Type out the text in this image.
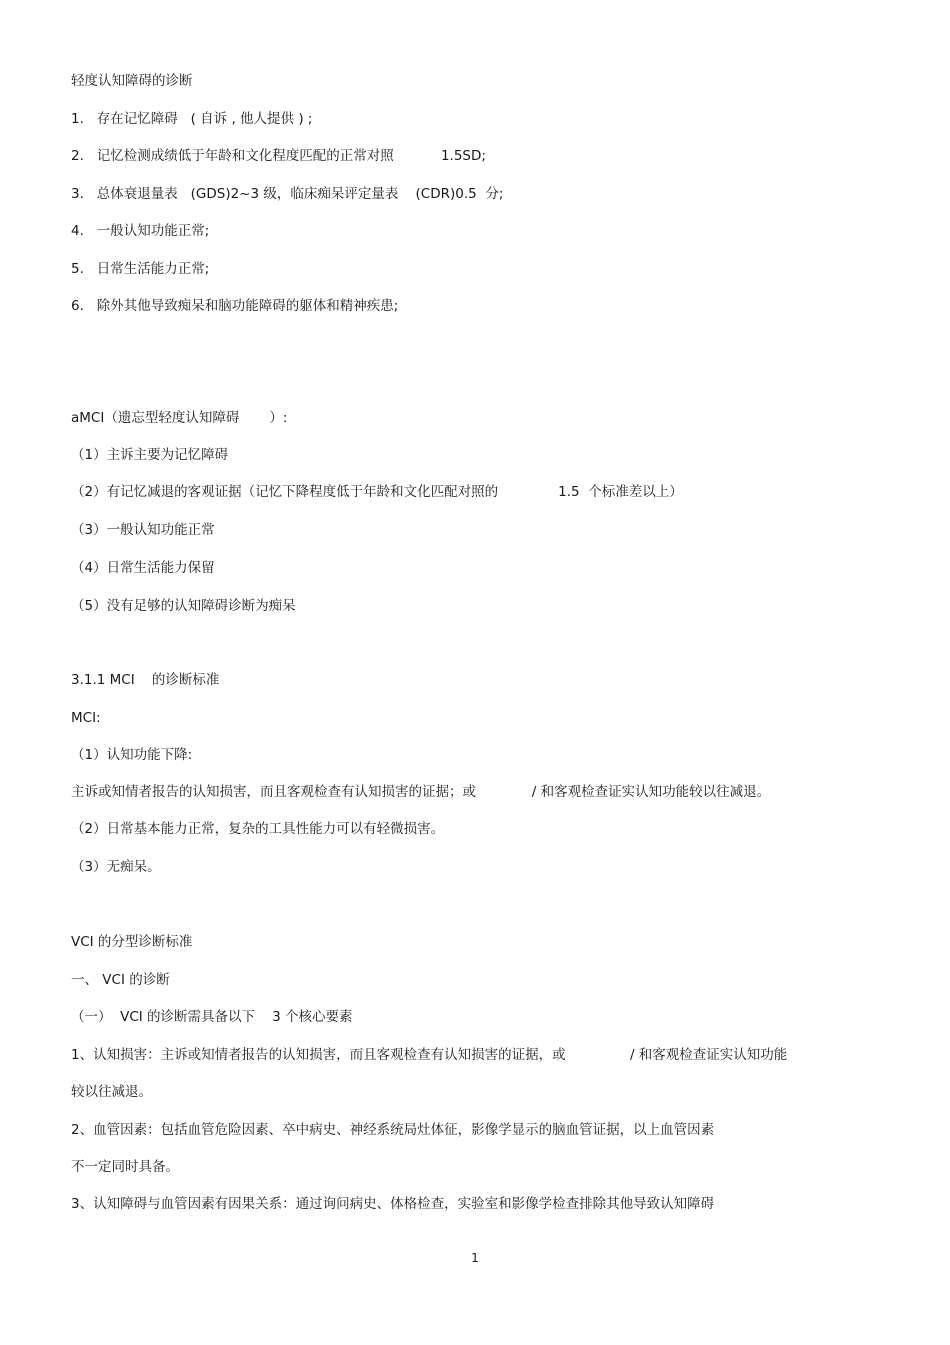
轻度认知障碍的诊断
1.   存在记忆障碍   ( 自诉 , 他人提供 ) ;
2.   记忆检测成绩低于年龄和文化程度匹配的正常对照           1.5SD;
3.   总体衰退量表   (GDS)2~3 级，临床痴呆评定量表    (CDR)0.5  分;
4.   一般认知功能正常;
5.   日常生活能力正常;
6.   除外其他导致痴呆和脑功能障碍的躯体和精神疾患;
aMCI（遗忘型轻度认知障碍       ）:
（1）主诉主要为记忆障碍
（2）有记忆减退的客观证据（记忆下降程度低于年龄和文化匹配对照的              1.5  个标准差以上）
（3）一般认知功能正常
（4）日常生活能力保留
（5）没有足够的认知障碍诊断为痴呆
3.1.1 MCI    的诊断标准
MCI:
（1）认知功能下降:
主诉或知情者报告的认知损害，而且客观检查有认知损害的证据；或             / 和客观检查证实认知功能较以往减退。
（2）日常基本能力正常，复杂的工具性能力可以有轻微损害。
（3）无痴呆。
VCI 的分型诊断标准
一、 VCI 的诊断
（一）  VCI 的诊断需具备以下    3 个核心要素
1、认知损害：主诉或知情者报告的认知损害，而且客观检查有认知损害的证据，或               / 和客观检查证实认知功能
较以往减退。
2、血管因素：包括血管危险因素、卒中病史、神经系统局灶体征，影像学显示的脑血管证据，以上血管因素
不一定同时具备。
3、认知障碍与血管因素有因果关系：通过询问病史、体格检查，实验室和影像学检查排除其他导致认知障碍
1
